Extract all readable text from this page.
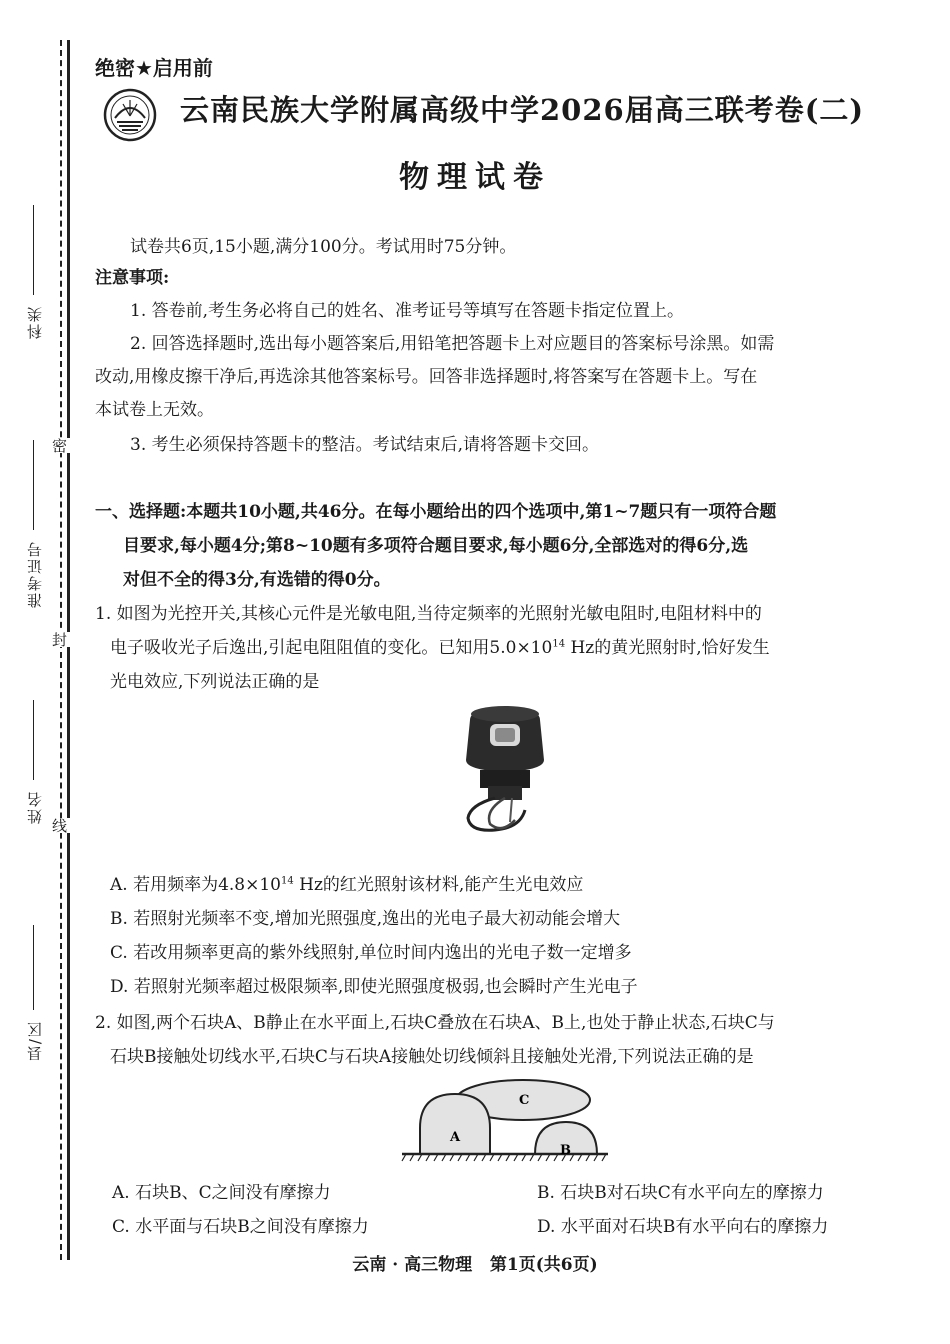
科类
准考证号
姓名
县/区
密
封
线
绝密★启用前
云南民族大学附属高级中学2026届高三联考卷(二)
物理试卷
试卷共6页,15小题,满分100分。考试用时75分钟。
注意事项:
1. 答卷前,考生务必将自己的姓名、准考证号等填写在答题卡指定位置上。
2. 回答选择题时,选出每小题答案后,用铅笔把答题卡上对应题目的答案标号涂黑。如需
改动,用橡皮擦干净后,再选涂其他答案标号。回答非选择题时,将答案写在答题卡上。写在
本试卷上无效。
3. 考生必须保持答题卡的整洁。考试结束后,请将答题卡交回。
一、选择题:本题共10小题,共46分。在每小题给出的四个选项中,第1~7题只有一项符合题
目要求,每小题4分;第8~10题有多项符合题目要求,每小题6分,全部选对的得6分,选
对但不全的得3分,有选错的得0分。
1. 如图为光控开关,其核心元件是光敏电阻,当待定频率的光照射光敏电阻时,电阻材料中的
电子吸收光子后逸出,引起电阻阻值的变化。已知用$5.0\times 10^{14}$ Hz的黄光照射时,恰好发生
光电效应,下列说法正确的是
A. 若用频率为$4.8\times 10^{14}$ Hz的红光照射该材料,能产生光电效应
B. 若照射光频率不变,增加光照强度,逸出的光电子最大初动能会增大
C. 若改用频率更高的紫外线照射,单位时间内逸出的光电子数一定增多
D. 若照射光频率超过极限频率,即使光照强度极弱,也会瞬时产生光电子
2. 如图,两个石块A、B静止在水平面上,石块C叠放在石块A、B上,也处于静止状态,石块C与
石块B接触处切线水平,石块C与石块A接触处切线倾斜且接触处光滑,下列说法正确的是
A
B
C
A. 石块B、C之间没有摩擦力	B. 石块B对石块C有水平向左的摩擦力
C. 水平面与石块B之间没有摩擦力	D. 水平面对石块B有水平向右的摩擦力
云南 · 高三物理   第1页(共6页)
